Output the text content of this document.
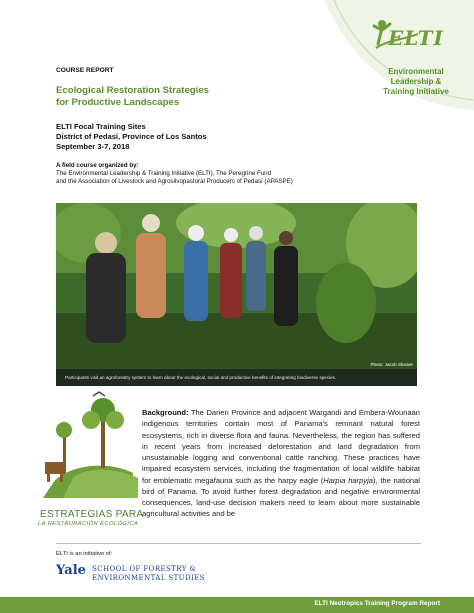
ELTI
Environmental
Leadership &
Training Initiative
COURSE REPORT
Ecological Restoration Strategies
for Productive Landscapes
ELTI Focal Training Sites
District of Pedasí, Province of Los Santos
September 3-7, 2018
A field course organized by:
The Environmental Leadership & Training Initiative (ELTI), The Peregrine Fund
and the Association of Livestock and Agrosilvopastoral Producers of Pedasí (APASPE)
Photo: Jacob Slusser
Participants visit an agroforestry system to learn about the ecological, social and productive benefits of integrating biodiverse species.
ESTRATEGIAS PARA
LA RESTAURACIÓN ECOLÓGICA
Background: The Darien Province and adjacent Wargandi and Embera-Wounaan indigenous territories contain most of Panama's remnant natural forest ecosystems, rich in diverse flora and fauna. Nevertheless, the region has suffered in recent years from increased deforestation and land degradation from unsustainable logging and conventional cattle ranching. These practices have impaired ecosystem services, including the fragmentation of local wildlife habitat for emblematic megafauna such as the harpy eagle (Harpia harpyja), the national bird of Panama. To avoid further forest degradation and negative environmental consequences, land-use decision makers need to learn about more sustainable agricultural activities and be
ELTI is an initiative of:
Yale SCHOOL OF FORESTRY &
ENVIRONMENTAL STUDIES
ELTI Neotropics Training Program Report
